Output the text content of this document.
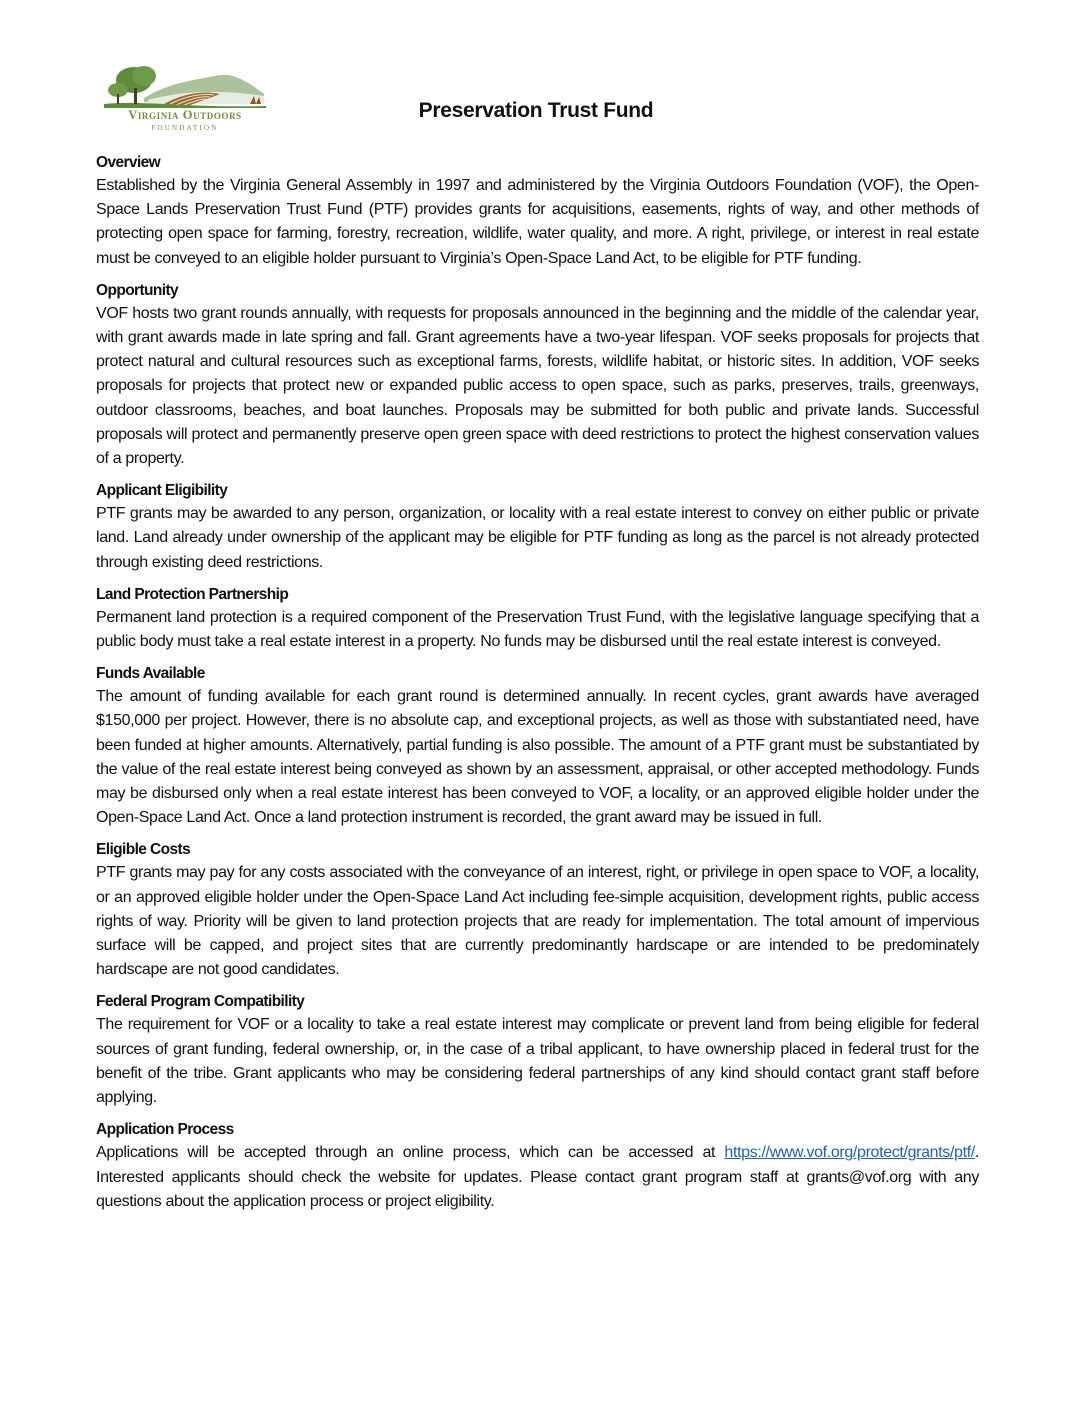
Virginia Outdoors
FOUNDATION
Preservation Trust Fund
Overview

Established by the Virginia General Assembly in 1997 and administered by the Virginia Outdoors Foundation (VOF), the Open-Space Lands Preservation Trust Fund (PTF) provides grants for acquisitions, easements, rights of way, and other methods of protecting open space for farming, forestry, recreation, wildlife, water quality, and more. A right, privilege, or interest in real estate must be conveyed to an eligible holder pursuant to Virginia’s Open-Space Land Act, to be eligible for PTF funding.

Opportunity

VOF hosts two grant rounds annually, with requests for proposals announced in the beginning and the middle of the calendar year, with grant awards made in late spring and fall. Grant agreements have a two-year lifespan. VOF seeks proposals for projects that protect natural and cultural resources such as exceptional farms, forests, wildlife habitat, or historic sites. In addition, VOF seeks proposals for projects that protect new or expanded public access to open space, such as parks, preserves, trails, greenways, outdoor classrooms, beaches, and boat launches. Proposals may be submitted for both public and private lands. Successful proposals will protect and permanently preserve open green space with deed restrictions to protect the highest conservation values of a property.

Applicant Eligibility

PTF grants may be awarded to any person, organization, or locality with a real estate interest to convey on either public or private land. Land already under ownership of the applicant may be eligible for PTF funding as long as the parcel is not already protected through existing deed restrictions.

Land Protection Partnership

Permanent land protection is a required component of the Preservation Trust Fund, with the legislative language specifying that a public body must take a real estate interest in a property. No funds may be disbursed until the real estate interest is conveyed.

Funds Available

The amount of funding available for each grant round is determined annually. In recent cycles, grant awards have averaged $150,000 per project. However, there is no absolute cap, and exceptional projects, as well as those with substantiated need, have been funded at higher amounts. Alternatively, partial funding is also possible. The amount of a PTF grant must be substantiated by the value of the real estate interest being conveyed as shown by an assessment, appraisal, or other accepted methodology. Funds may be disbursed only when a real estate interest has been conveyed to VOF, a locality, or an approved eligible holder under the Open-Space Land Act. Once a land protection instrument is recorded, the grant award may be issued in full.

Eligible Costs

PTF grants may pay for any costs associated with the conveyance of an interest, right, or privilege in open space to VOF, a locality, or an approved eligible holder under the Open-Space Land Act including fee-simple acquisition, development rights, public access rights of way. Priority will be given to land protection projects that are ready for implementation. The total amount of impervious surface will be capped, and project sites that are currently predominantly hardscape or are intended to be predominately hardscape are not good candidates.

Federal Program Compatibility

The requirement for VOF or a locality to take a real estate interest may complicate or prevent land from being eligible for federal sources of grant funding, federal ownership, or, in the case of a tribal applicant, to have ownership placed in federal trust for the benefit of the tribe. Grant applicants who may be considering federal partnerships of any kind should contact grant staff before applying.

Application Process

Applications will be accepted through an online process, which can be accessed at https://www.vof.org/protect/grants/ptf/. Interested applicants should check the website for updates. Please contact grant program staff at grants@vof.org with any questions about the application process or project eligibility.
